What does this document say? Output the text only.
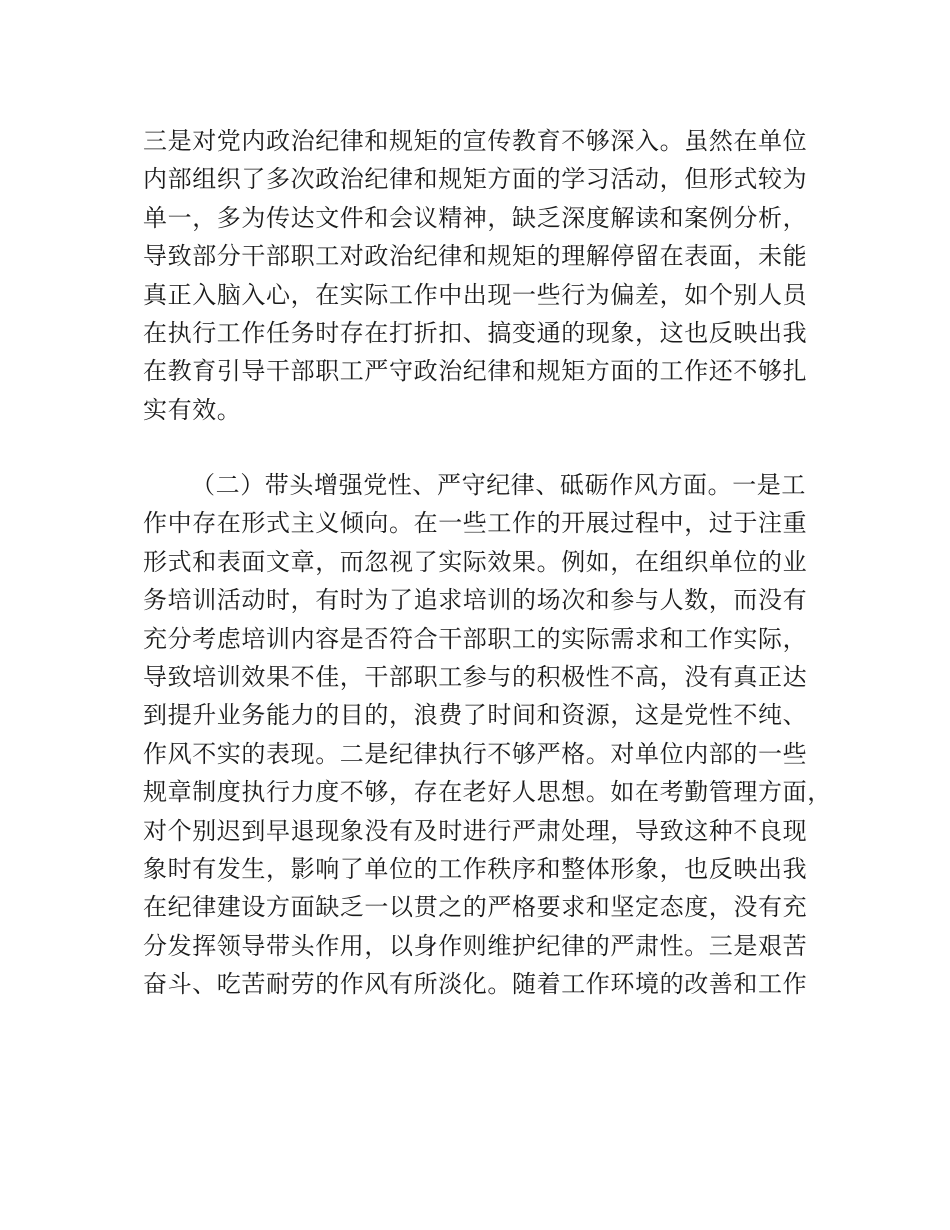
三是对党内政治纪律和规矩的宣传教育不够深入。虽然在单位
内部组织了多次政治纪律和规矩方面的学习活动，但形式较为
单一，多为传达文件和会议精神，缺乏深度解读和案例分析，
导致部分干部职工对政治纪律和规矩的理解停留在表面，未能
真正入脑入心，在实际工作中出现一些行为偏差，如个别人员
在执行工作任务时存在打折扣、搞变通的现象，这也反映出我
在教育引导干部职工严守政治纪律和规矩方面的工作还不够扎
实有效。
（二）带头增强党性、严守纪律、砥砺作风方面。一是工
作中存在形式主义倾向。在一些工作的开展过程中，过于注重
形式和表面文章，而忽视了实际效果。例如，在组织单位的业
务培训活动时，有时为了追求培训的场次和参与人数，而没有
充分考虑培训内容是否符合干部职工的实际需求和工作实际，
导致培训效果不佳，干部职工参与的积极性不高，没有真正达
到提升业务能力的目的，浪费了时间和资源，这是党性不纯、
作风不实的表现。二是纪律执行不够严格。对单位内部的一些
规章制度执行力度不够，存在老好人思想。如在考勤管理方面，
对个别迟到早退现象没有及时进行严肃处理，导致这种不良现
象时有发生，影响了单位的工作秩序和整体形象，也反映出我
在纪律建设方面缺乏一以贯之的严格要求和坚定态度，没有充
分发挥领导带头作用，以身作则维护纪律的严肃性。三是艰苦
奋斗、吃苦耐劳的作风有所淡化。随着工作环境的改善和工作
